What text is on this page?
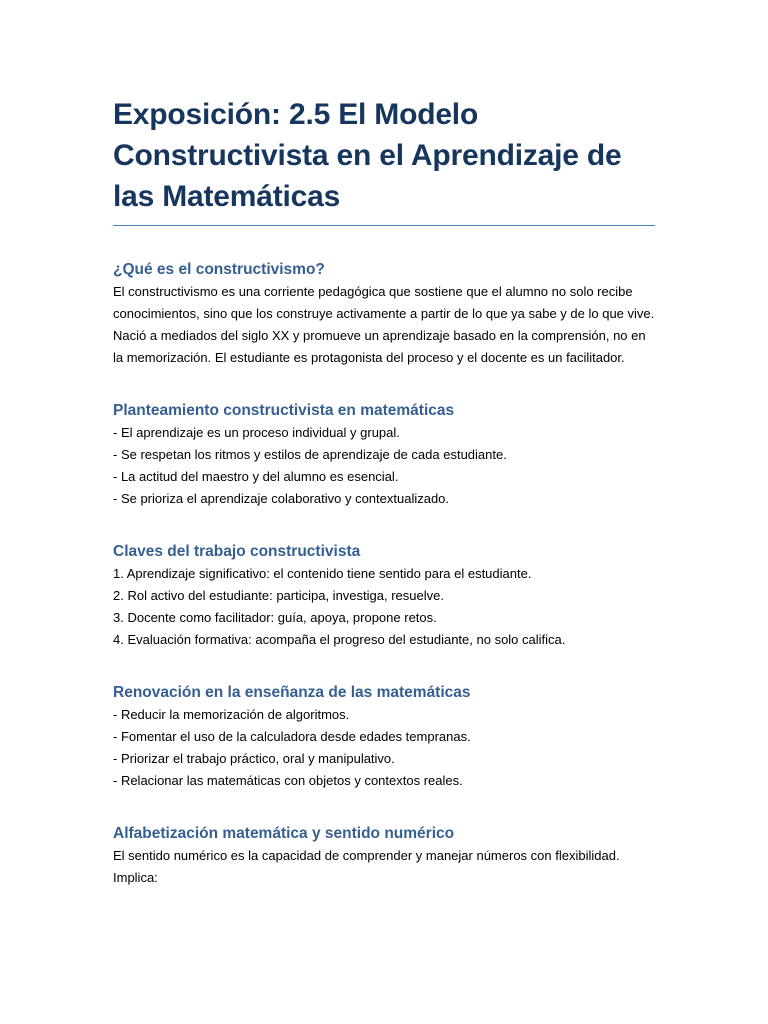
Exposición: 2.5 El Modelo Constructivista en el Aprendizaje de las Matemáticas
¿Qué es el constructivismo?

El constructivismo es una corriente pedagógica que sostiene que el alumno no solo recibe conocimientos, sino que los construye activamente a partir de lo que ya sabe y de lo que vive. Nació a mediados del siglo XX y promueve un aprendizaje basado en la comprensión, no en la memorización. El estudiante es protagonista del proceso y el docente es un facilitador.

Planteamiento constructivista en matemáticas
- El aprendizaje es un proceso individual y grupal.
- Se respetan los ritmos y estilos de aprendizaje de cada estudiante.
- La actitud del maestro y del alumno es esencial.
- Se prioriza el aprendizaje colaborativo y contextualizado.
Claves del trabajo constructivista
1. Aprendizaje significativo: el contenido tiene sentido para el estudiante.
2. Rol activo del estudiante: participa, investiga, resuelve.
3. Docente como facilitador: guía, apoya, propone retos.
4. Evaluación formativa: acompaña el progreso del estudiante, no solo califica.
Renovación en la enseñanza de las matemáticas
- Reducir la memorización de algoritmos.
- Fomentar el uso de la calculadora desde edades tempranas.
- Priorizar el trabajo práctico, oral y manipulativo.
- Relacionar las matemáticas con objetos y contextos reales.
Alfabetización matemática y sentido numérico

El sentido numérico es la capacidad de comprender y manejar números con flexibilidad. Implica:
